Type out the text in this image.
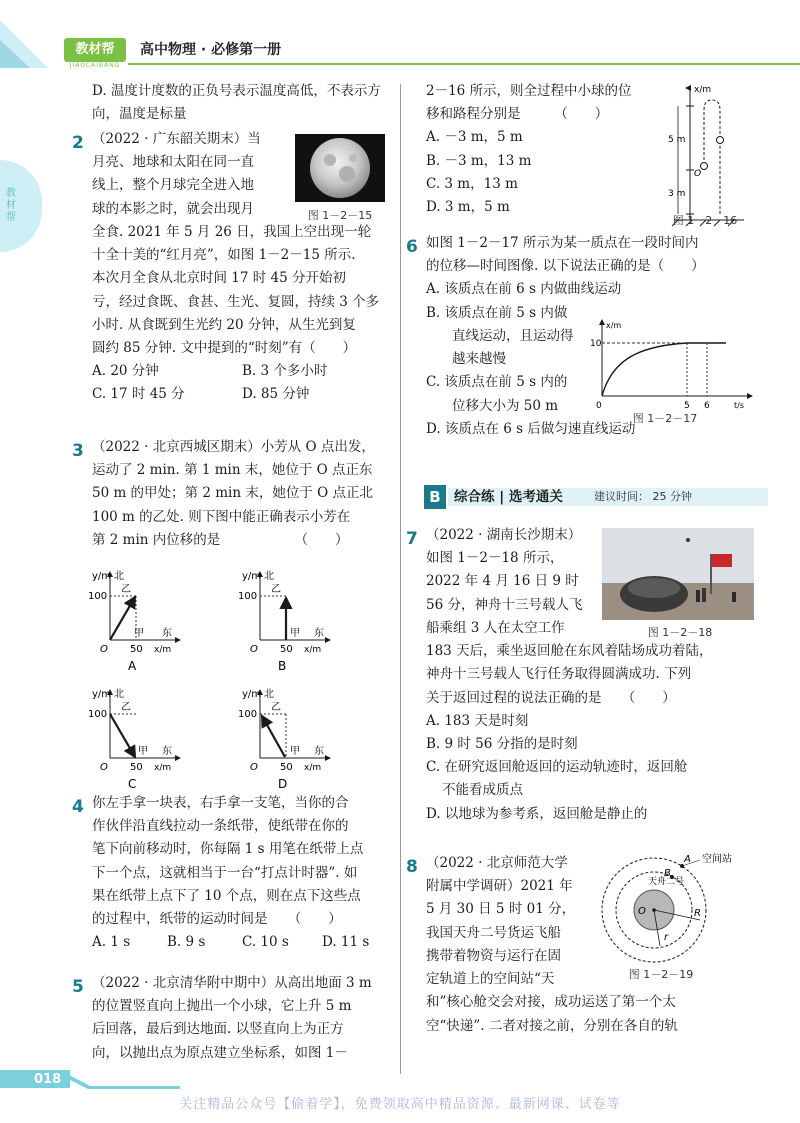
教材帮
JIAOCAIBANG
高中物理 · 必修第一册
教材帮

D. 温度计度数的正负号表示温度高低，不表示方向，温度是标量

2 （2022 · 广东韶关期末）当

月亮、地球和太阳在同一直

线上，整个月球完全进入地

球的本影之时，就会出现月

全食. 2021 年 5 月 26 日，我国上空出现一轮

十全十美的“红月亮”，如图 1－2－15 所示.

本次月全食从北京时间 17 时 45 分开始初

亏，经过食既、食甚、生光、复圆，持续 3 个多

小时. 从食既到生光约 20 分钟，从生光到复

圆约 85 分钟. 文中提到的“时刻”有（　　）

A. 20 分钟	B. 3 个多小时
C. 17 时 45 分	D. 85 分钟
图 1－2－15
3 （2022 · 北京西城区期末）小芳从 O 点出发，

运动了 2 min. 第 1 min 末，她位于 O 点正东

50 m 的甲处；第 2 min 末，她位于 O 点正北

100 m 的乙处. 则下图中能正确表示小芳在

第 2 min 内位移的是　　　　　　（　　）

y/m 北
100
乙
甲 东
50 x/m
O
A
y/m 北
100
乙
甲 东
50 x/m
O
B
y/m 北
100
乙
甲 东
50 x/m
O
C
y/m 北
100
乙
甲 东
50 x/m
O
D
4 你左手拿一块表，右手拿一支笔，当你的合

作伙伴沿直线拉动一条纸带，使纸带在你的

笔下向前移动时，你每隔 1 s 用笔在纸带上点

下一个点，这就相当于一台“打点计时器”. 如

果在纸带上点下了 10 个点，则在点下这些点

的过程中，纸带的运动时间是　　（　　）

A. 1 s	B. 9 s	C. 10 s	D. 11 s
5 （2022 · 北京清华附中期中）从高出地面 3 m

的位置竖直向上抛出一个小球，它上升 5 m

后回落，最后到达地面. 以竖直向上为正方

向，以抛出点为原点建立坐标系，如图 1－

2－16 所示，则全过程中小球的位

移和路程分别是　　　（　　）

A. －3 m，5 m

B. －3 m，13 m

C. 3 m，13 m

D. 3 m，5 m

x/m
5 m
3 m
O
图 1－2－16
6 如图 1－2－17 所示为某一质点在一段时间内

的位移—时间图像. 以下说法正确的是（　　）

A. 该质点在前 6 s 内做曲线运动

B. 该质点在前 5 s 内做

直线运动，且运动得

越来越慢

C. 该质点在前 5 s 内的

位移大小为 50 m

D. 该质点在 6 s 后做匀速直线运动

x/m
t/s
10
0	5 6
图 1－2－17
B 综合练 | 选考通关	建议时间： 25 分钟
7 （2022 · 湖南长沙期末）

如图 1－2－18 所示，

2022 年 4 月 16 日 9 时

56 分，神舟十三号载人飞

船乘组 3 人在太空工作

183 天后，乘坐返回舱在东风着陆场成功着陆，

神舟十三号载人飞行任务取得圆满成功. 下列

关于返回过程的说法正确的是　　（　　）

A. 183 天是时刻

B. 9 时 56 分指的是时刻

C. 在研究返回舱返回的运动轨迹时，返回舱

不能看成质点

D. 以地球为参考系，返回舱是静止的

图 1－2－18
8 （2022 · 北京师范大学

附属中学调研）2021 年

5 月 30 日 5 时 01 分，

我国天舟二号货运飞船

携带着物资与运行在固

定轨道上的空间站“天

和”核心舱交会对接，成功运送了第一个太

空“快递”. 二者对接之前，分别在各自的轨

O
A
B
空间站
天舟二号
R
r
图 1－2－19
018
关注精品公众号【偷着学】，免费领取高中精品资源、最新网课、试卷等
